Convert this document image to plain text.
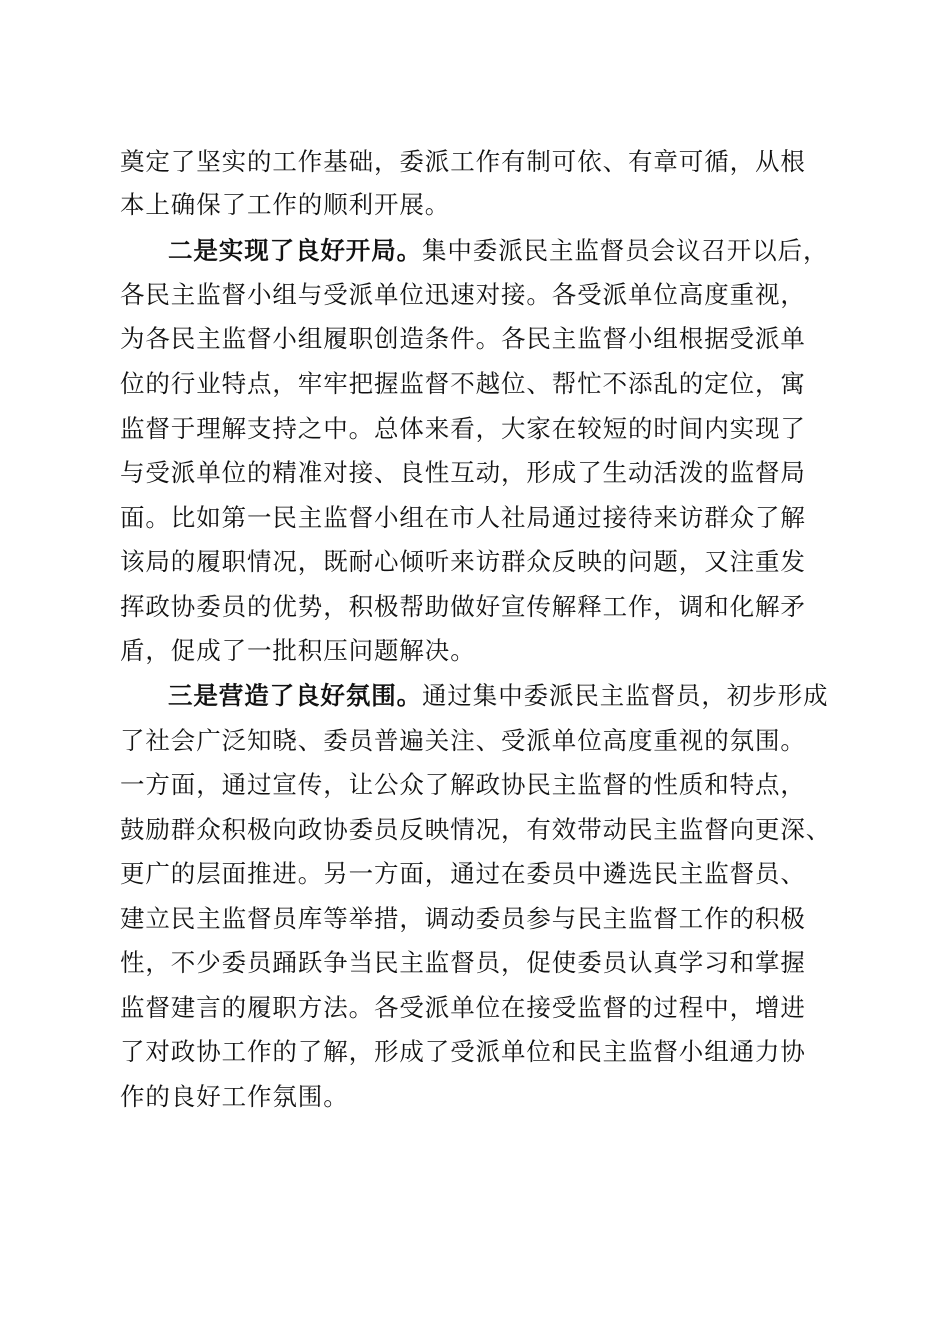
奠定了坚实的工作基础，委派工作有制可依、有章可循，从根
本上确保了工作的顺利开展。
二是实现了良好开局。集中委派民主监督员会议召开以后，
各民主监督小组与受派单位迅速对接。各受派单位高度重视，
为各民主监督小组履职创造条件。各民主监督小组根据受派单
位的行业特点，牢牢把握监督不越位、帮忙不添乱的定位，寓
监督于理解支持之中。总体来看，大家在较短的时间内实现了
与受派单位的精准对接、良性互动，形成了生动活泼的监督局
面。比如第一民主监督小组在市人社局通过接待来访群众了解
该局的履职情况，既耐心倾听来访群众反映的问题，又注重发
挥政协委员的优势，积极帮助做好宣传解释工作，调和化解矛
盾，促成了一批积压问题解决。
三是营造了良好氛围。通过集中委派民主监督员，初步形成
了社会广泛知晓、委员普遍关注、受派单位高度重视的氛围。
一方面，通过宣传，让公众了解政协民主监督的性质和特点，
鼓励群众积极向政协委员反映情况，有效带动民主监督向更深、
更广的层面推进。另一方面，通过在委员中遴选民主监督员、
建立民主监督员库等举措，调动委员参与民主监督工作的积极
性，不少委员踊跃争当民主监督员，促使委员认真学习和掌握
监督建言的履职方法。各受派单位在接受监督的过程中，增进
了对政协工作的了解，形成了受派单位和民主监督小组通力协
作的良好工作氛围。
